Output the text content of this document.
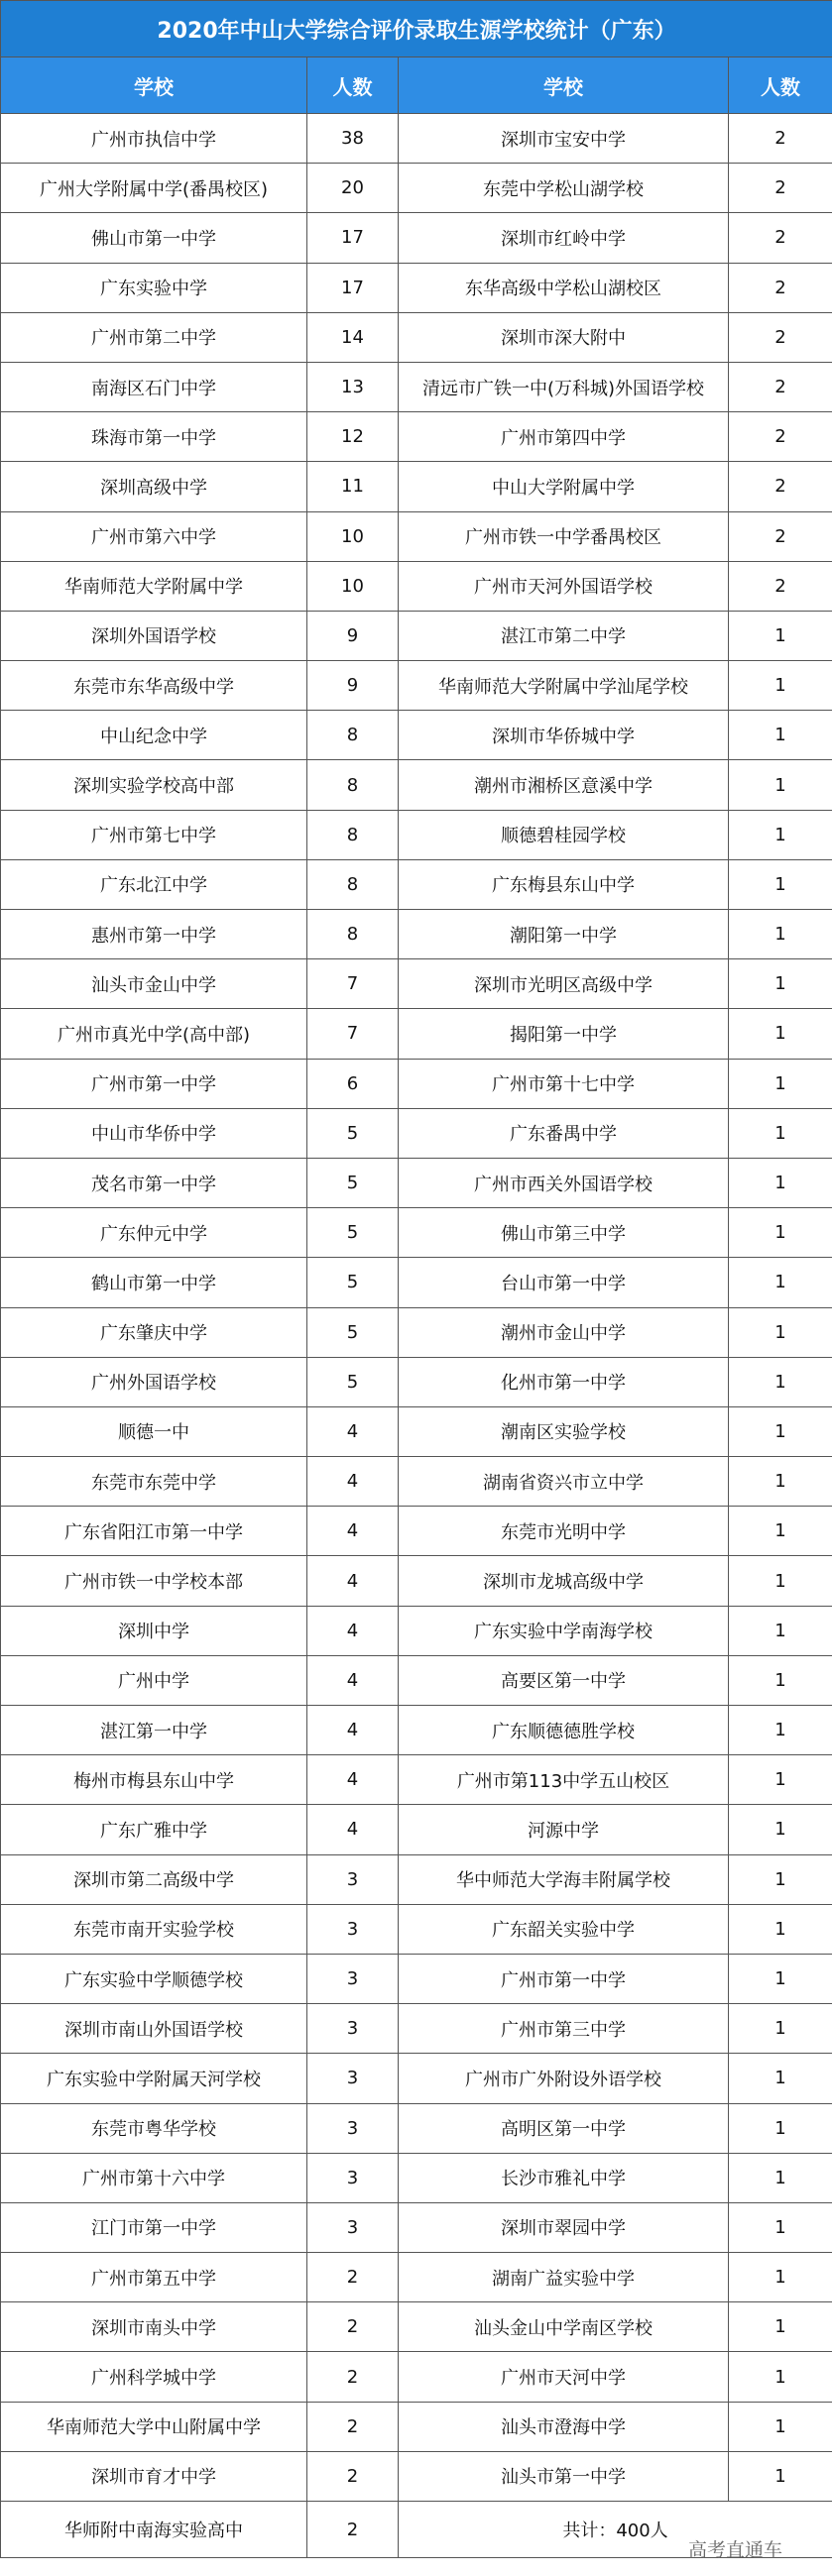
2020年中山大学综合评价录取生源学校统计（广东）			
学校	人数	学校	人数
广州市执信中学	38	深圳市宝安中学	2
广州大学附属中学(番禺校区)	20	东莞中学松山湖学校	2
佛山市第一中学	17	深圳市红岭中学	2
广东实验中学	17	东华高级中学松山湖校区	2
广州市第二中学	14	深圳市深大附中	2
南海区石门中学	13	清远市广铁一中(万科城)外国语学校	2
珠海市第一中学	12	广州市第四中学	2
深圳高级中学	11	中山大学附属中学	2
广州市第六中学	10	广州市铁一中学番禺校区	2
华南师范大学附属中学	10	广州市天河外国语学校	2
深圳外国语学校	9	湛江市第二中学	1
东莞市东华高级中学	9	华南师范大学附属中学汕尾学校	1
中山纪念中学	8	深圳市华侨城中学	1
深圳实验学校高中部	8	潮州市湘桥区意溪中学	1
广州市第七中学	8	顺德碧桂园学校	1
广东北江中学	8	广东梅县东山中学	1
惠州市第一中学	8	潮阳第一中学	1
汕头市金山中学	7	深圳市光明区高级中学	1
广州市真光中学(高中部)	7	揭阳第一中学	1
广州市第一中学	6	广州市第十七中学	1
中山市华侨中学	5	广东番禺中学	1
茂名市第一中学	5	广州市西关外国语学校	1
广东仲元中学	5	佛山市第三中学	1
鹤山市第一中学	5	台山市第一中学	1
广东肇庆中学	5	潮州市金山中学	1
广州外国语学校	5	化州市第一中学	1
顺德一中	4	潮南区实验学校	1
东莞市东莞中学	4	湖南省资兴市立中学	1
广东省阳江市第一中学	4	东莞市光明中学	1
广州市铁一中学校本部	4	深圳市龙城高级中学	1
深圳中学	4	广东实验中学南海学校	1
广州中学	4	高要区第一中学	1
湛江第一中学	4	广东顺德德胜学校	1
梅州市梅县东山中学	4	广州市第113中学五山校区	1
广东广雅中学	4	河源中学	1
深圳市第二高级中学	3	华中师范大学海丰附属学校	1
东莞市南开实验学校	3	广东韶关实验中学	1
广东实验中学顺德学校	3	广州市第一中学	1
深圳市南山外国语学校	3	广州市第三中学	1
广东实验中学附属天河学校	3	广州市广外附设外语学校	1
东莞市粤华学校	3	高明区第一中学	1
广州市第十六中学	3	长沙市雅礼中学	1
江门市第一中学	3	深圳市翠园中学	1
广州市第五中学	2	湖南广益实验中学	1
深圳市南头中学	2	汕头金山中学南区学校	1
广州科学城中学	2	广州市天河中学	1
华南师范大学中山附属中学	2	汕头市澄海中学	1
深圳市育才中学	2	汕头市第一中学	1
华师附中南海实验高中	2	共计：400人	
高考直通车
